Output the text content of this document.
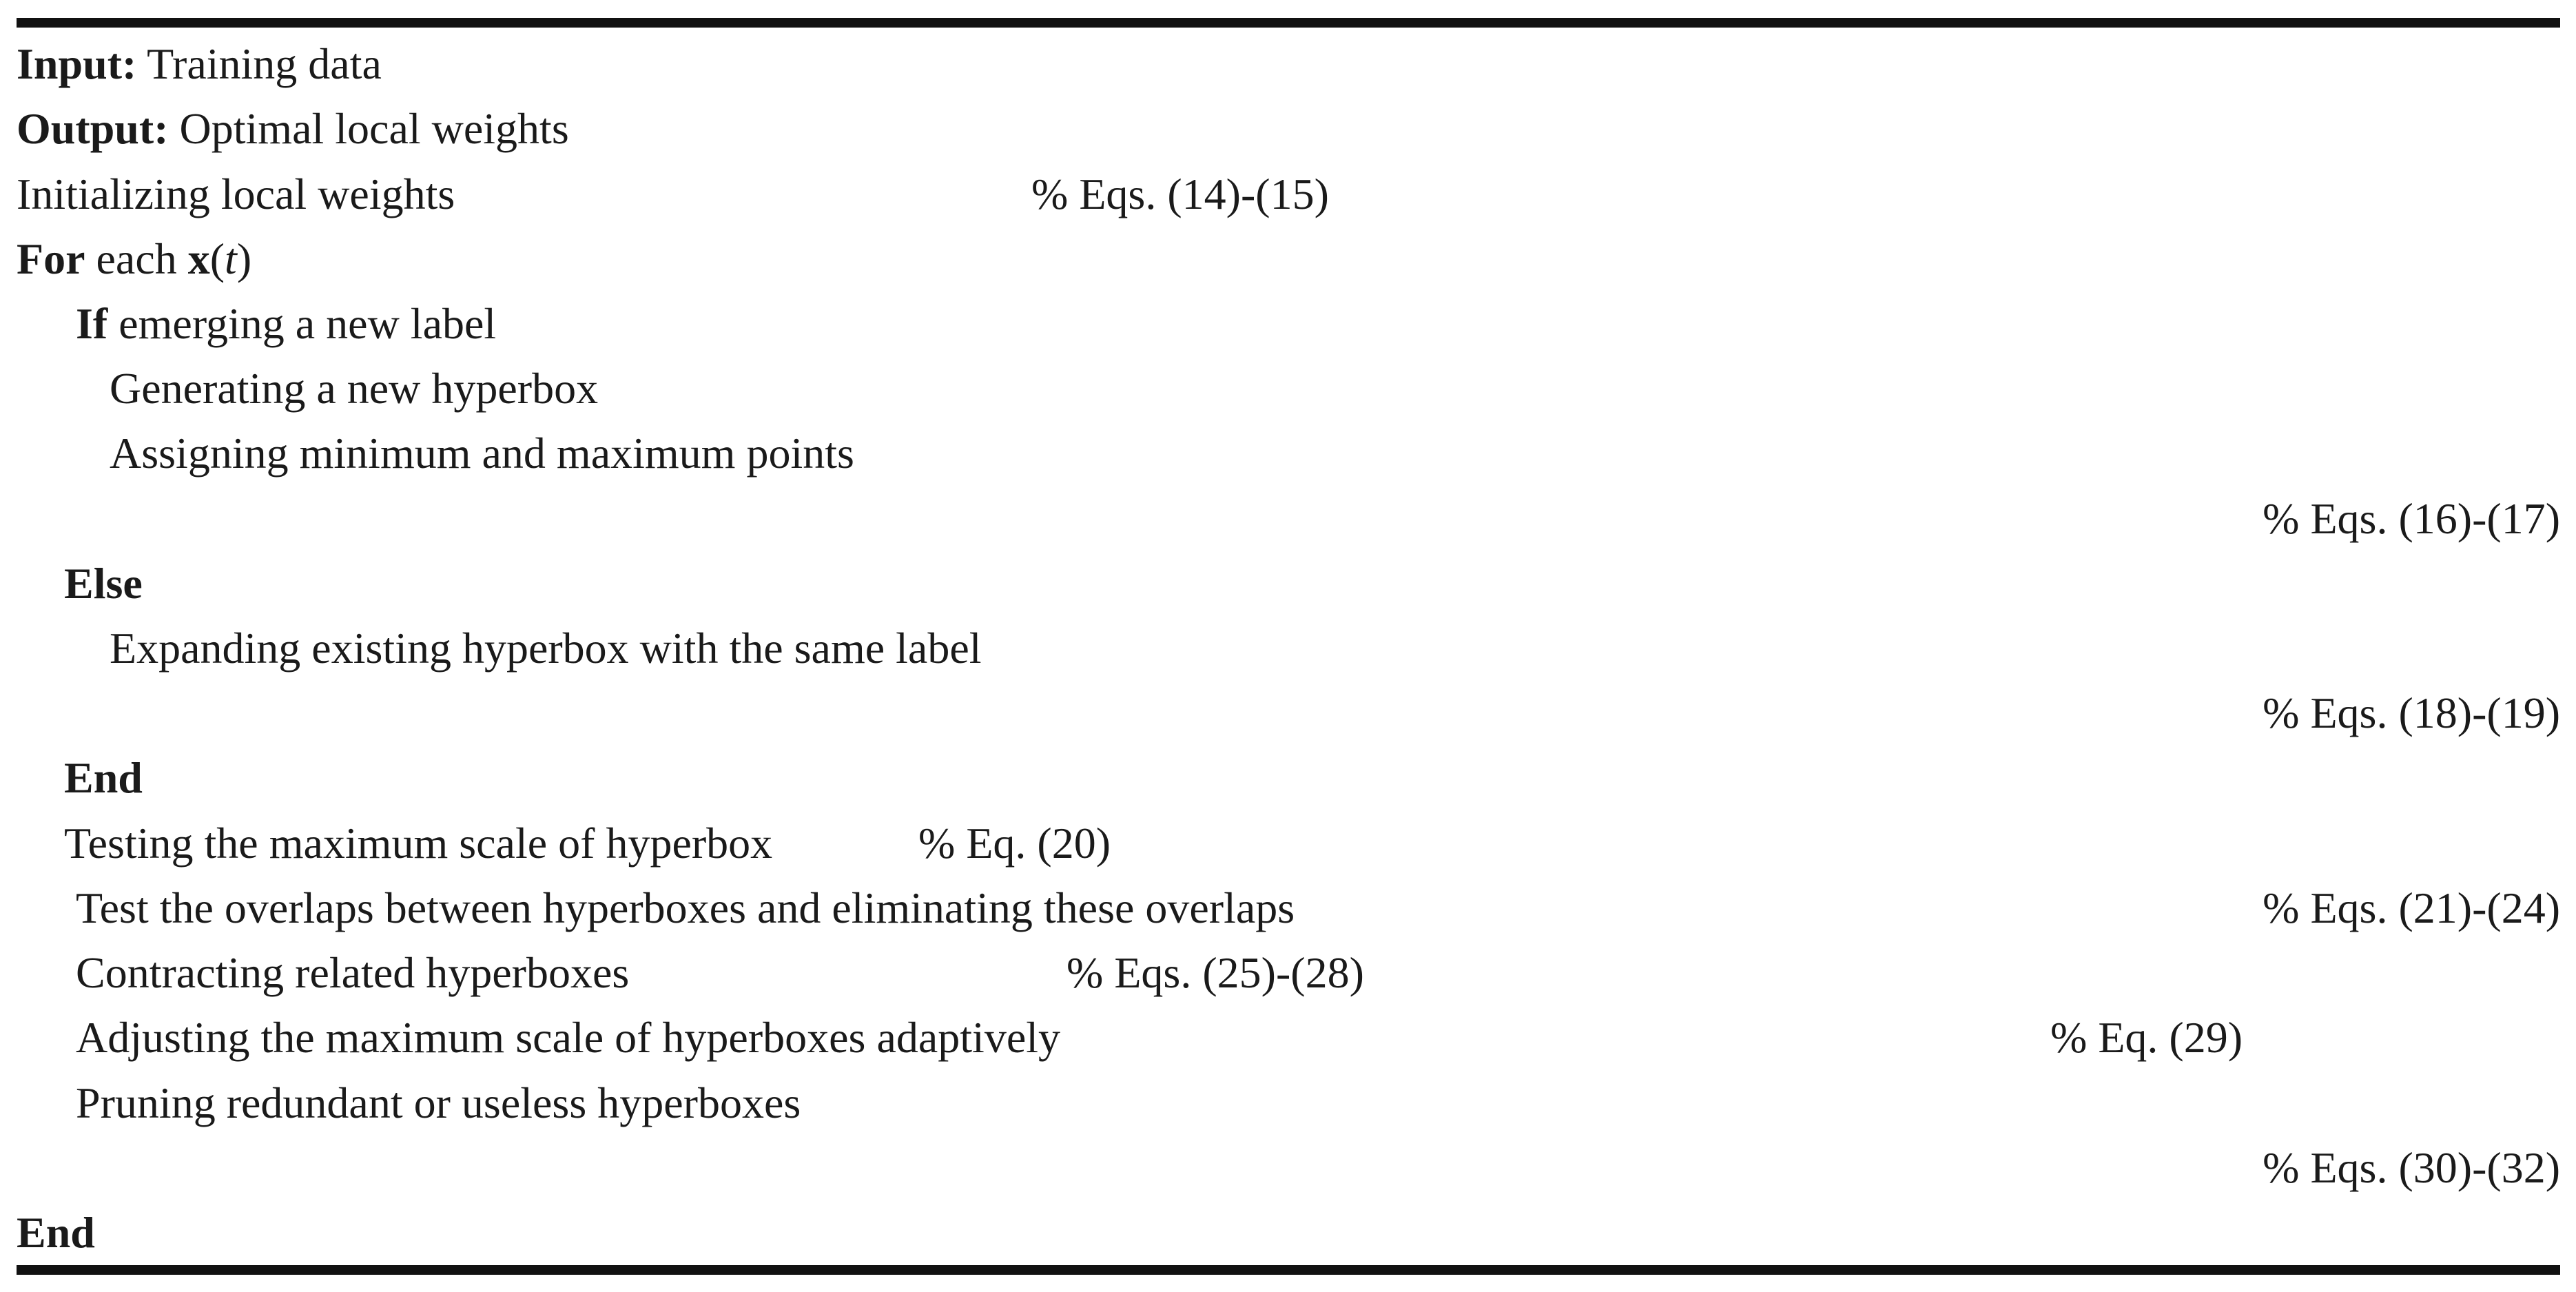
Input: Training data
Output: Optimal local weights
Initializing local weights	% Eqs. (14)-(15)
For each x(t)
If emerging a new label
Generating a new hyperbox
Assigning minimum and maximum points
% Eqs. (16)-(17)
Else
Expanding existing hyperbox with the same label
% Eqs. (18)-(19)
End
Testing the maximum scale of hyperbox	% Eq. (20)
Test the overlaps between hyperboxes and eliminating these overlaps	% Eqs. (21)-(24)
Contracting related hyperboxes	% Eqs. (25)-(28)
Adjusting the maximum scale of hyperboxes adaptively	% Eq. (29)
Pruning redundant or useless hyperboxes
% Eqs. (30)-(32)
End
